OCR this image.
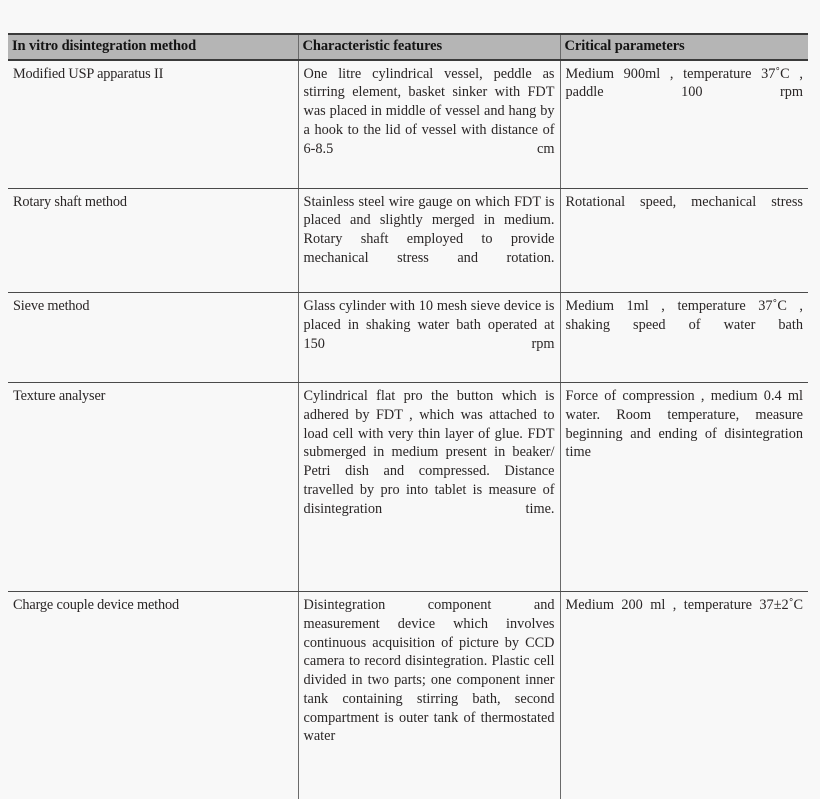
In vitro disintegration method	Characteristic features	Critical parameters
Modified USP apparatus II	One litre cylindrical vessel, peddle as stirring element, basket sinker with FDT was placed in middle of vessel and hang by a hook to the lid of vessel with distance of 6-8.5 cm	Medium 900ml , temperature 37˚C , paddle 100 rpm

Rotary shaft method	Stainless steel wire gauge on which FDT is placed and slightly merged in medium. Rotary shaft employed to provide mechanical stress and rotation.	Rotational speed, mechanical stress

Sieve method	Glass cylinder with 10 mesh sieve device is placed in shaking water bath operated at 150 rpm	Medium 1ml , temperature 37˚C , shaking speed of water bath

Texture analyser	Cylindrical flat pro the button which is adhered by FDT , which was attached to load cell with very thin layer of glue. FDT submerged in medium present in beaker/ Petri dish and compressed. Distance travelled by pro into tablet is measure of disintegration time.	Force of compression , medium 0.4 ml water. Room temperature, measure beginning and ending of disintegration time

Charge couple device method	Disintegration component and measurement device which involves continuous acquisition of picture by CCD camera to record disintegration. Plastic cell divided in two parts; one component inner tank containing stirring bath, second compartment is outer tank of thermostated water	Medium 200 ml , temperature 37±2˚C
